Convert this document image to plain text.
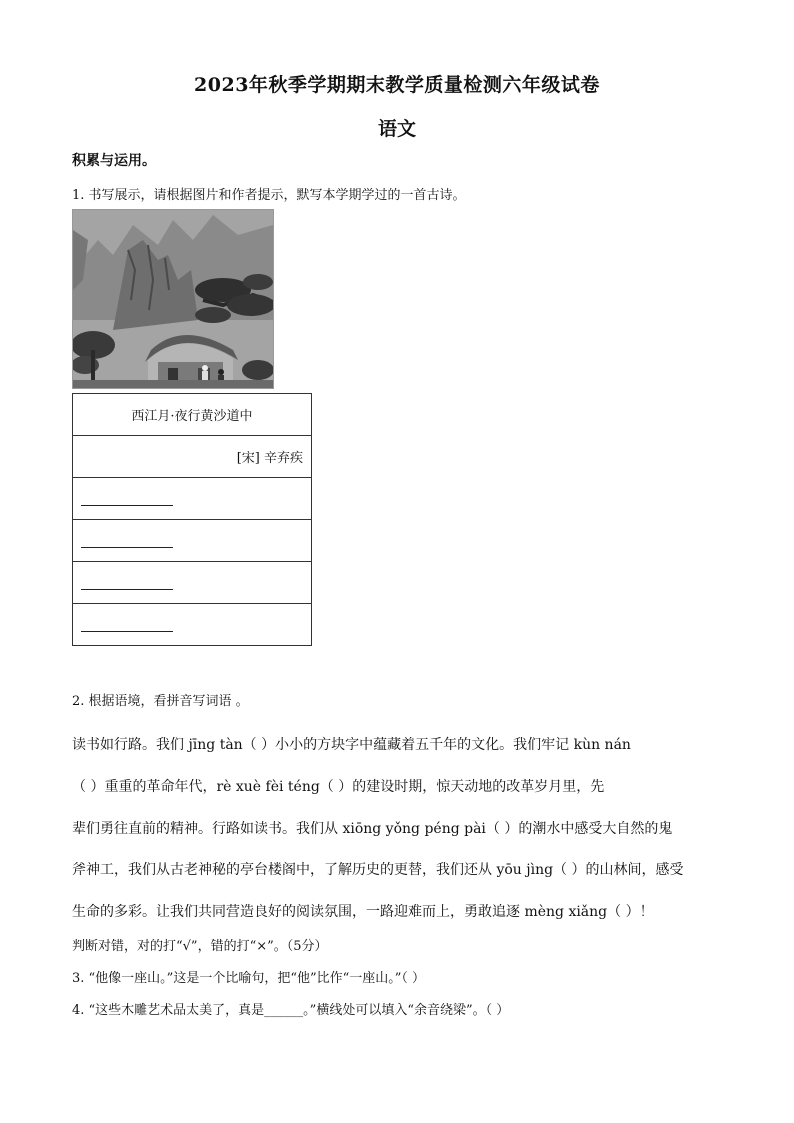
2023年秋季学期期末教学质量检测六年级试卷
语文
积累与运用。
1. 书写展示，请根据图片和作者提示，默写本学期学过的一首古诗。
西江月·夜行黄沙道中
[宋] 辛弃疾

2. 根据语境，看拼音写词语 。
读书如行路。我们 jīng tàn（ ）小小的方块字中蕴藏着五千年的文化。我们牢记 kùn nán
（ ）重重的革命年代，rè xuè fèi téng（ ）的建设时期，惊天动地的改革岁月里，先
辈们勇往直前的精神。行路如读书。我们从 xiōng yǒng péng pài（ ）的潮水中感受大自然的鬼
斧神工，我们从古老神秘的亭台楼阁中，了解历史的更替，我们还从 yōu jìng（ ）的山林间，感受
生命的多彩。让我们共同营造良好的阅读氛围，一路迎难而上，勇敢追逐 mèng xiǎng（ ）！
判断对错，对的打“√”，错的打“×”。（5分）
3. “他像一座山。”这是一个比喻句，把“他”比作“一座山。”（ ）
4. “这些木雕艺术品太美了，真是______。”横线处可以填入“余音绕梁”。（ ）
